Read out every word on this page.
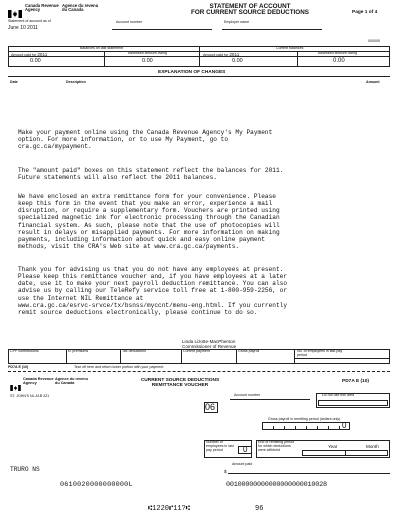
Canada Revenue
Agency
Agence du revenu
du Canada	STATEMENT OF ACCOUNT
FOR CURRENT SOURCE DEDUCTIONS	Page 1 of 4
Statement of account as of
June 10 2011
Account number	Employer name
000000
Balances on last statement	Current balances
Amount paid for 2011	Assessed amount owing	Amount paid for 2011	Assessed amount owing
0.00	0.00	0.00	0.00
EXPLANATION OF CHANGES
Date	Description	Amount
Make your payment online using the Canada Revenue Agency's My Payment
option. For more information, or to use My Payment, go to
cra.gc.ca/mypayment.
The "amount paid" boxes on this statement reflect the balances for 2011.
Future statements will also reflect the 2011 balances.
We have enclosed an extra remittance form for your convenience. Please
keep this form in the event that you make an error, experience a mail
disruption, or require a supplementary form. Vouchers are printed using
specialized magnetic ink for electronic processing through the Canadian
financial system. As such, please note that the use of photocopies will
result in delays or misapplied payments. For more information on making
payments, including information about quick and easy online payment
methods, visit the CRA's Web site at www.cra.gc.ca/payments.
Thank you for advising us that you do not have any employees at present.
Please keep this remittance voucher and, if you have employees at a later
date, use it to make your next payroll deduction remittance. You can also
advise us by calling our TeleRefy service toll free at 1-800-959-2256, or
use the Internet NIL Remittance at
www.cra.gc.ca/esrvc-srvce/tx/bsnss/myccnt/menu-eng.html. If you currently
remit source deductions electronically, please continue to do so.
Linda Lizotte-MacPherson
Commissioner of Revenue
CPP contributions	EI premiums	Tax deductions	Current payment	Gross payroll	No. of employees in last pay period
PD7A E (10)	Tear off here and return lower portion with your payment.
Canada Revenue
Agency
Agence du revenu
du Canada	CURRENT SOURCE DEDUCTIONS
REMITTANCE VOUCHER
PD7A E (10)
ST. JOHN'S NL A1B 3Z1	Account number	Do not use this area
06
Gross payroll in remitting period (dollars only)
0
Number of employees in last pay period	0
End of remitting period for which deductions were withheld
Year	Month
Amount paid
$
TRURO NS
0610020000000000L	00100000000000000000010028
⑆1220⑈11?⑆	96
